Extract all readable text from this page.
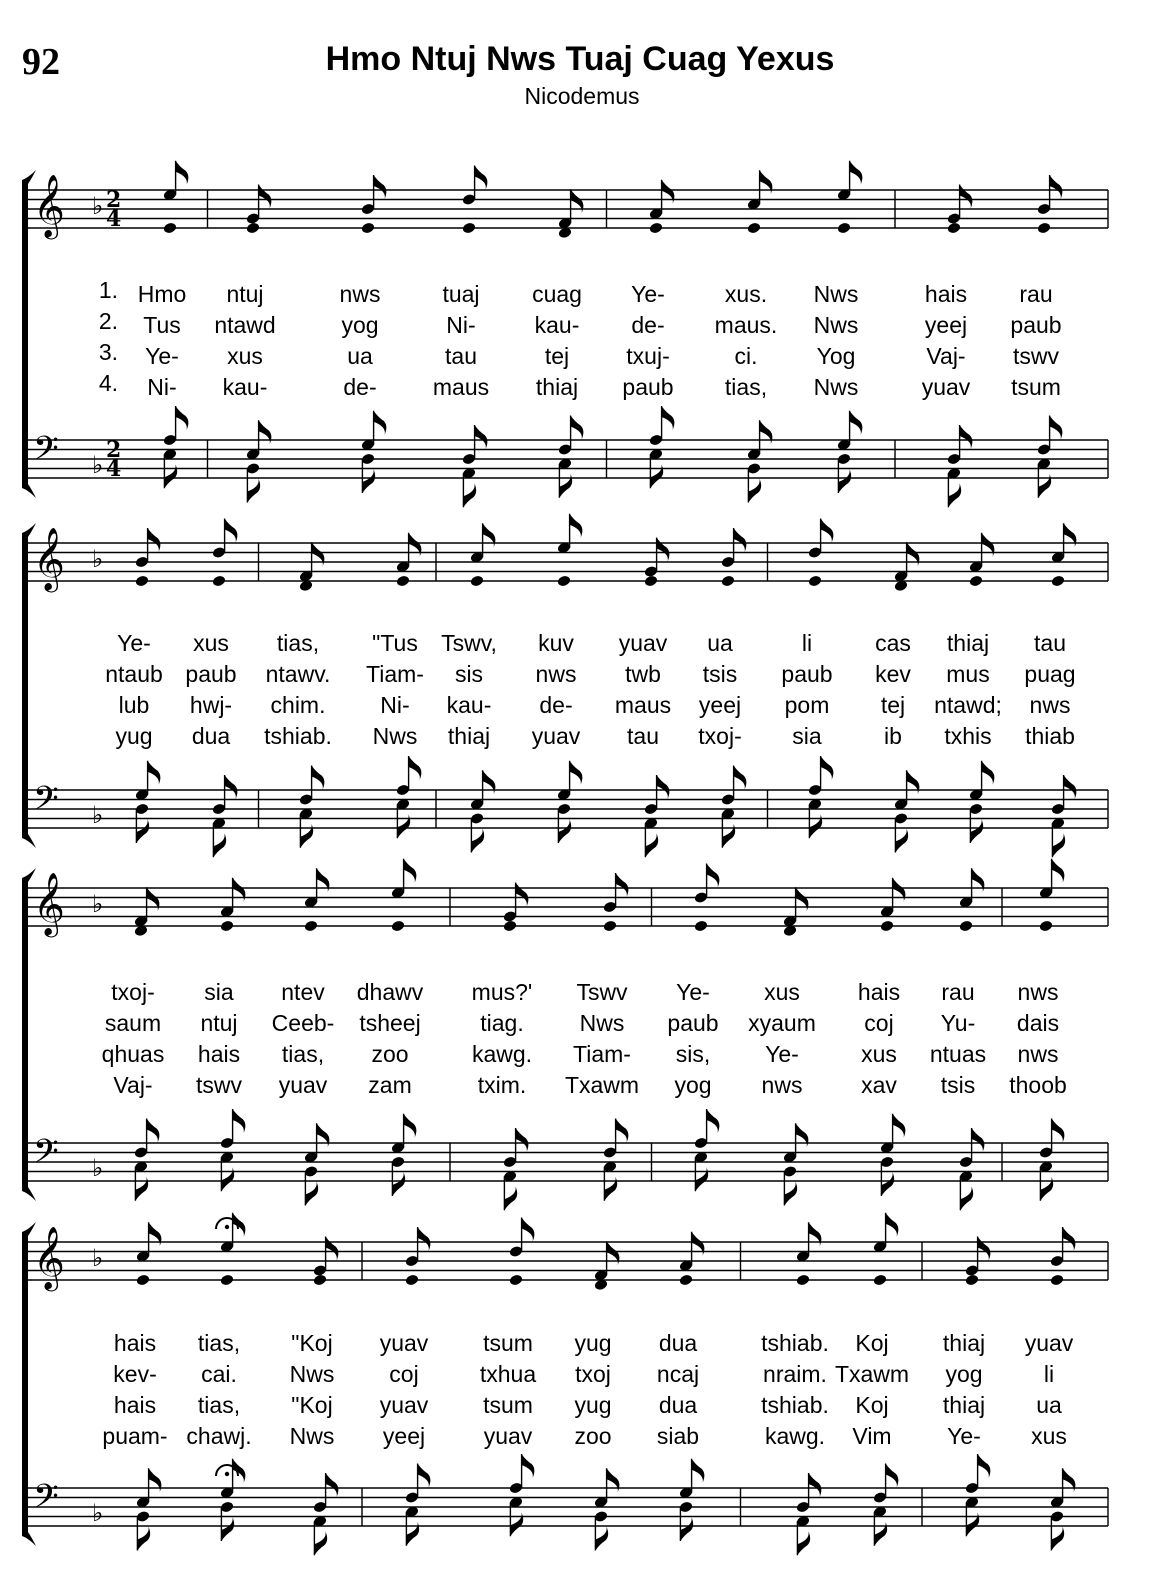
92	Hmo Ntuj Nws Tuaj Cuag Yexus
Nicodemus
𝄞
𝄢
♭
♭
2
2
4
4
𝄞
𝄢
♭
♭
𝄞
𝄢
♭
♭
𝄞
𝄢
♭
♭
1.
2.
3.
4.
Hmo ntuj	nws	tuaj cuag Ye-	xus. Nws	hais rau
Tus ntawd	yog	Ni-	kau- de- maus. Nws	yeej paub
Ye- xus	ua	tau	tej txuj-	ci.	Yog	Vaj- tswv
Ni- kau-	de- maus thiaj paub tias, Nws	yuav tsum
Ye- xus tias, "Tus Tswv, kuv yuav ua	li	cas thiaj tau
ntaub paub ntawv. Tiam- sis nws twb tsis paub kev mus puag
lub hwj- chim. Ni- kau- de- maus yeej pom tej ntawd; nws
yug dua tshiab. Nws thiaj yuav tau txoj- sia	ib txhis thiab
txoj- sia ntev dhawv mus?' Tswv Ye- xus	hais rau nws
saum ntuj Ceeb- tsheej	tiag. Nws paub xyaum coj Yu- dais
qhuas hais tias, zoo	kawg. Tiam- sis, Ye-	xus ntuas nws
Vaj- tswv yuav zam	txim. Txawm yog nws	xav tsis thoob
hais tias, "Koj yuav tsum yug dua	tshiab. Koj thiaj yuav
kev- cai. Nws coj	txhua txoj ncaj	nraim. Txawm yog	li
hais tias, "Koj yuav tsum yug dua	tshiab. Koj thiaj ua
puam- chawj. Nws yeej	yuav zoo siab	kawg. Vim Ye- xus
